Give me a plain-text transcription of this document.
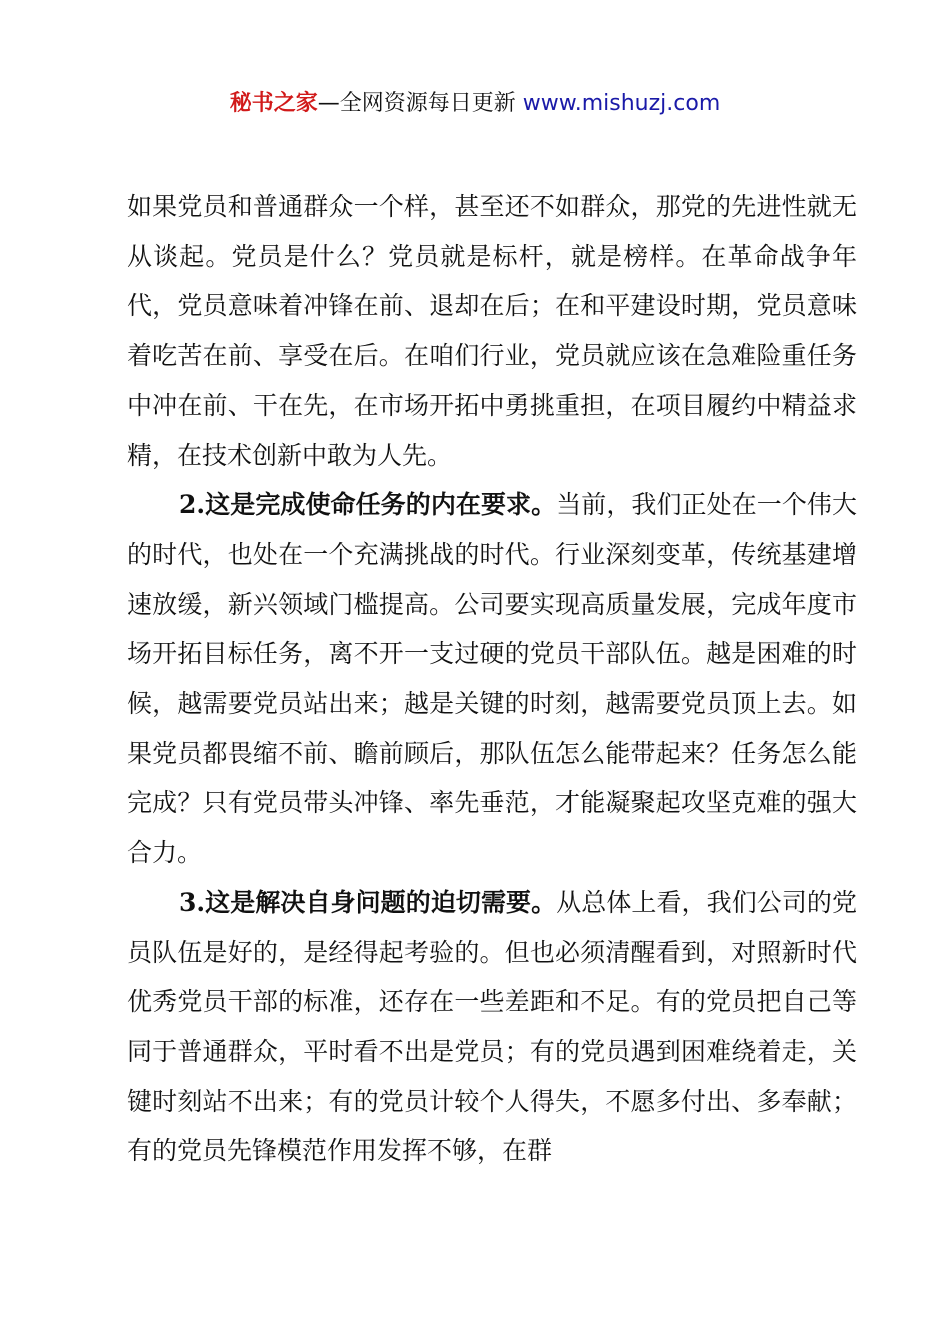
秘书之家—全网资源每日更新 www.mishuzj.com

如果党员和普通群众一个样，甚至还不如群众，那党的先进性就无从谈起。党员是什么？党员就是标杆，就是榜样。在革命战争年代，党员意味着冲锋在前、退却在后；在和平建设时期，党员意味着吃苦在前、享受在后。在咱们行业，党员就应该在急难险重任务中冲在前、干在先，在市场开拓中勇挑重担，在项目履约中精益求精，在技术创新中敢为人先。

2.这是完成使命任务的内在要求。当前，我们正处在一个伟大的时代，也处在一个充满挑战的时代。行业深刻变革，传统基建增速放缓，新兴领域门槛提高。公司要实现高质量发展，完成年度市场开拓目标任务，离不开一支过硬的党员干部队伍。越是困难的时候，越需要党员站出来；越是关键的时刻，越需要党员顶上去。如果党员都畏缩不前、瞻前顾后，那队伍怎么能带起来？任务怎么能完成？只有党员带头冲锋、率先垂范，才能凝聚起攻坚克难的强大合力。

3.这是解决自身问题的迫切需要。从总体上看，我们公司的党员队伍是好的，是经得起考验的。但也必须清醒看到，对照新时代优秀党员干部的标准，还存在一些差距和不足。有的党员把自己等同于普通群众，平时看不出是党员；有的党员遇到困难绕着走，关键时刻站不出来；有的党员计较个人得失，不愿多付出、多奉献；有的党员先锋模范作用发挥不够，在群
